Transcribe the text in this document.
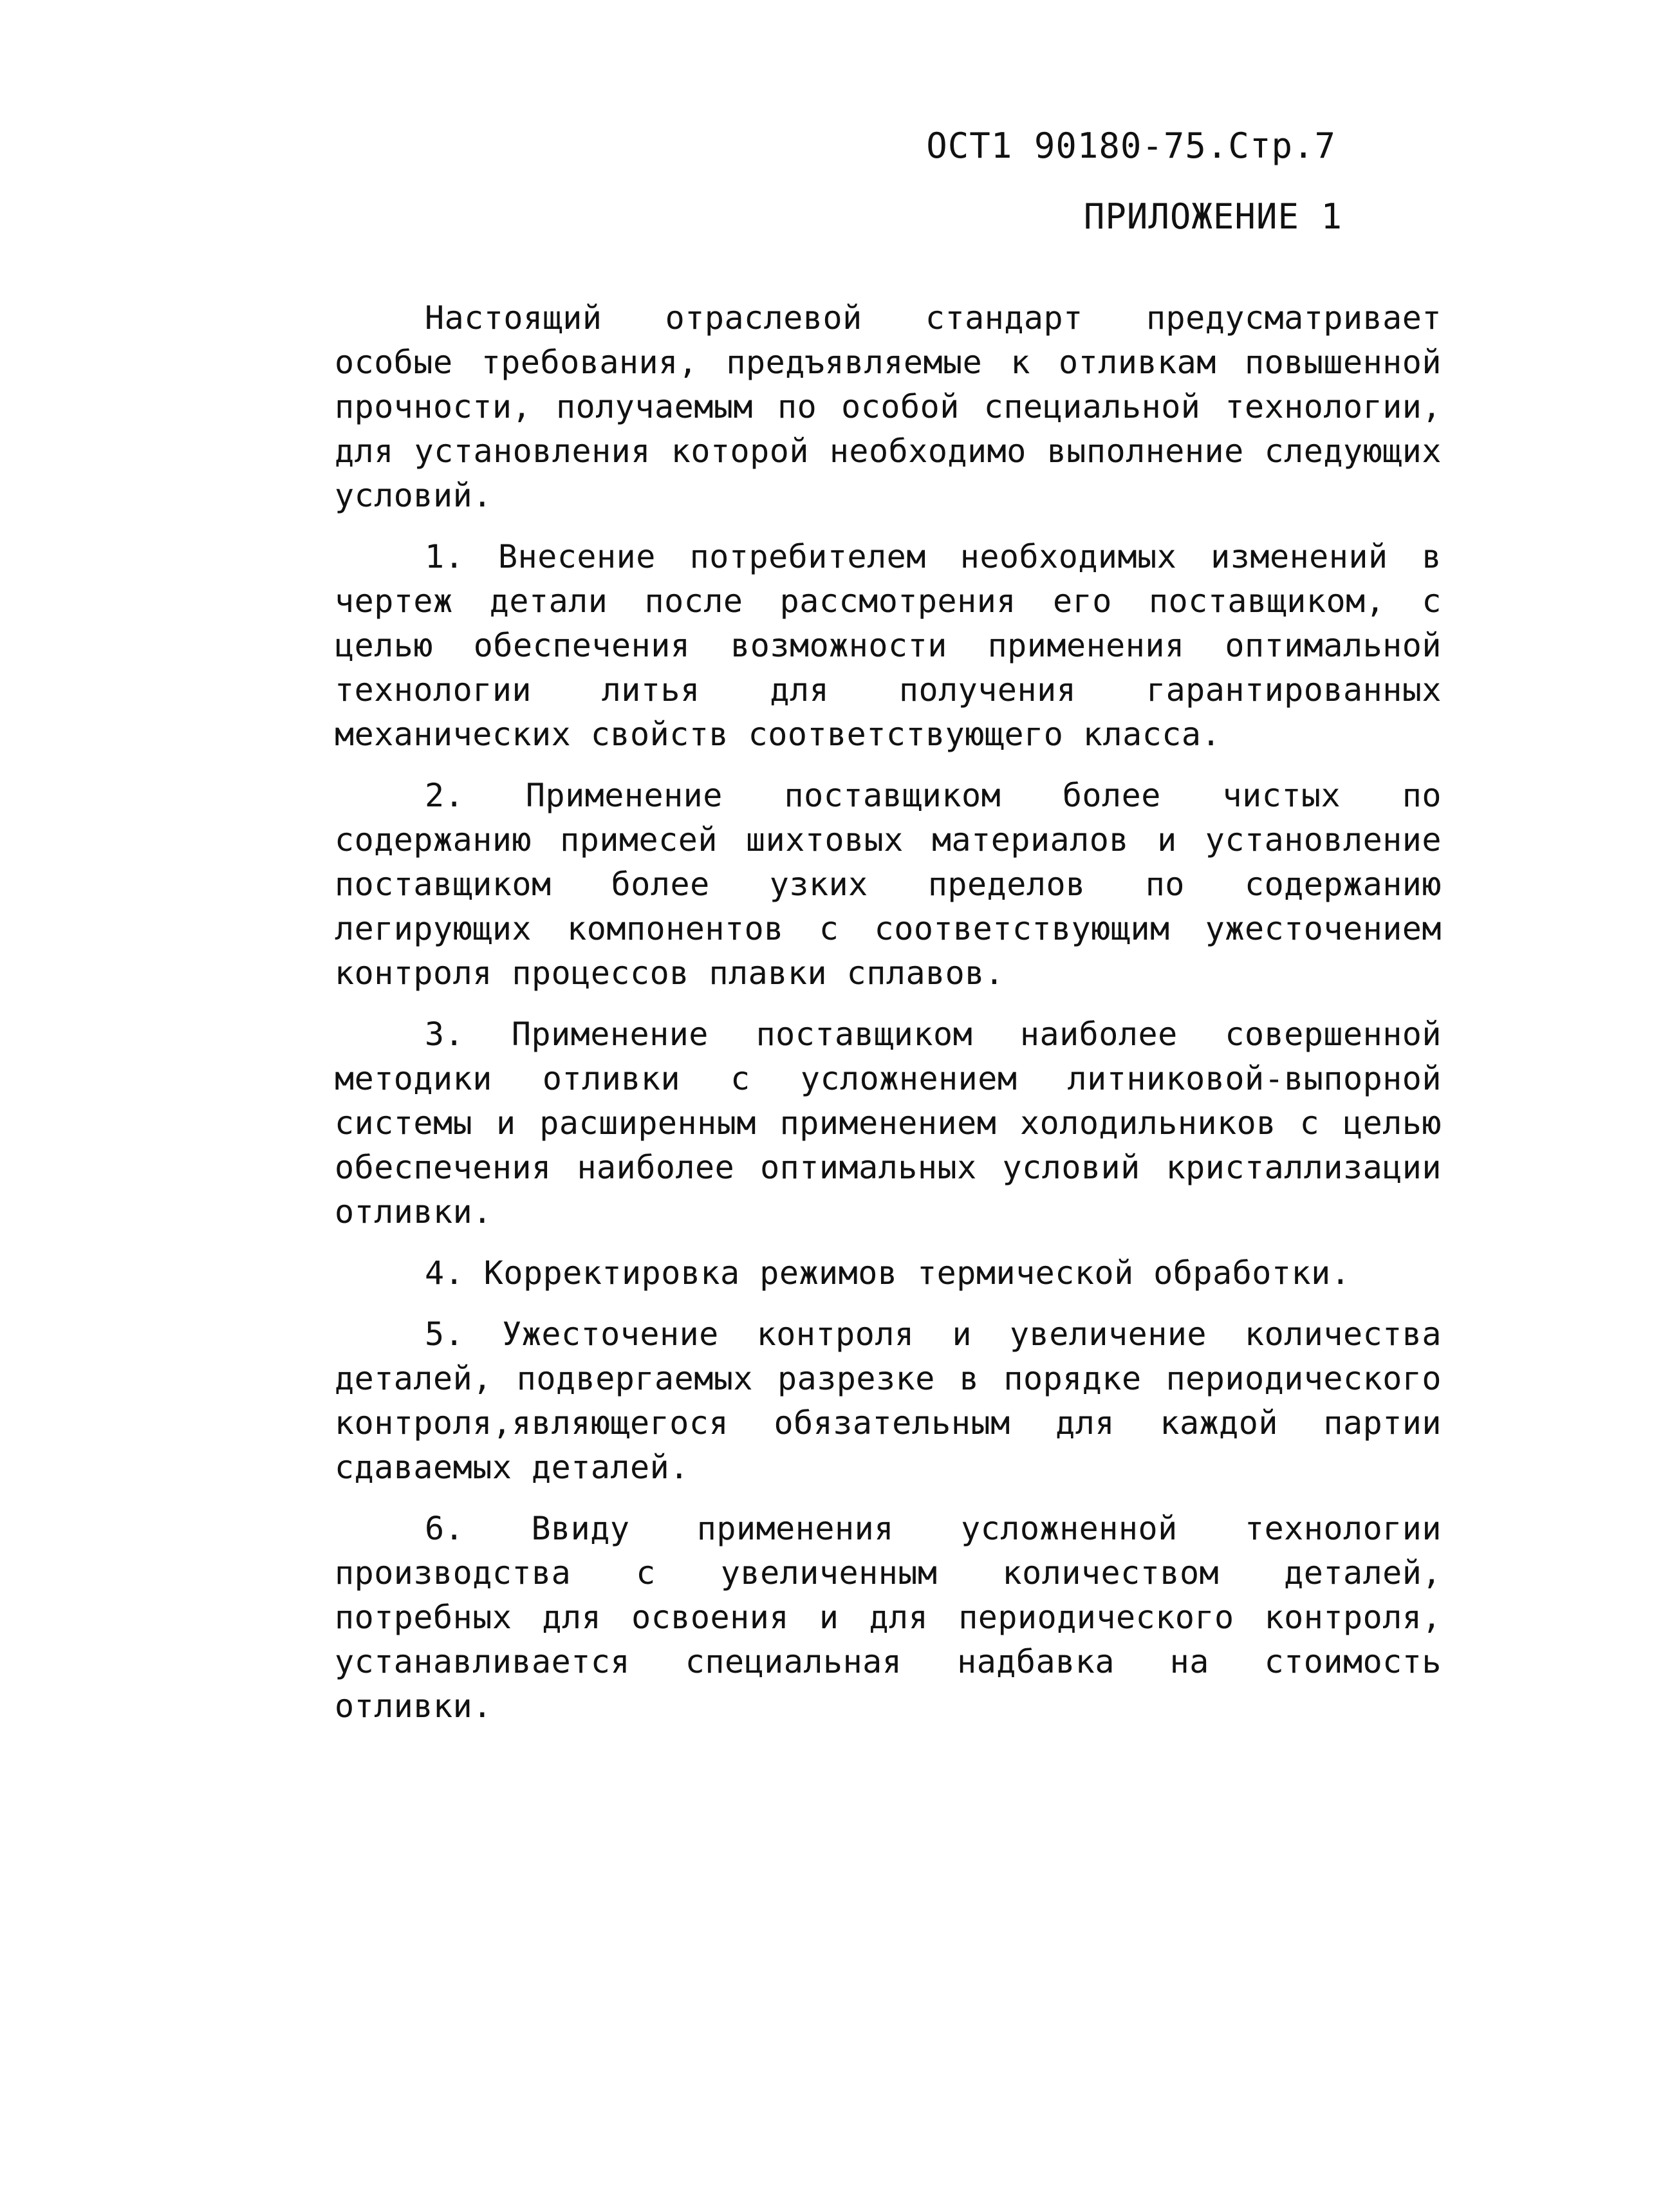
ОСТ1 90180-75.Стр.7
ПРИЛОЖЕНИЕ 1

Настоящий отраслевой стандарт предусматривает особые требования, предъявляемые к отливкам повышенной прочности, получаемым по особой специальной технологии, для установления которой необходимо выполнение следующих условий.

1. Внесение потребителем необходимых изменений в чертеж детали после рассмотрения его поставщиком, с целью обеспечения возможности применения оптимальной технологии литья для получения гарантированных механических свойств соответствующего класса.

2. Применение поставщиком более чистых по содержанию примесей шихтовых материалов и установление поставщиком более узких пределов по содержанию легирующих компонентов с соответствующим ужесточением контроля процессов плавки сплавов.

3. Применение поставщиком наиболее совершенной методики отливки с усложнением литниковой-выпорной системы и расширенным применением холодильников с целью обеспечения наиболее оптимальных условий кристаллизации отливки.

4. Корректировка режимов термической обработки.

5. Ужесточение контроля и увеличение количества деталей, подвергаемых разрезке в порядке периодического контроля,являющегося обязательным для каждой партии сдаваемых деталей.

6. Ввиду применения усложненной технологии производства с увеличенным количеством деталей, потребных для освоения и для периодического контроля, устанавливается специальная надбавка на стоимость отливки.
